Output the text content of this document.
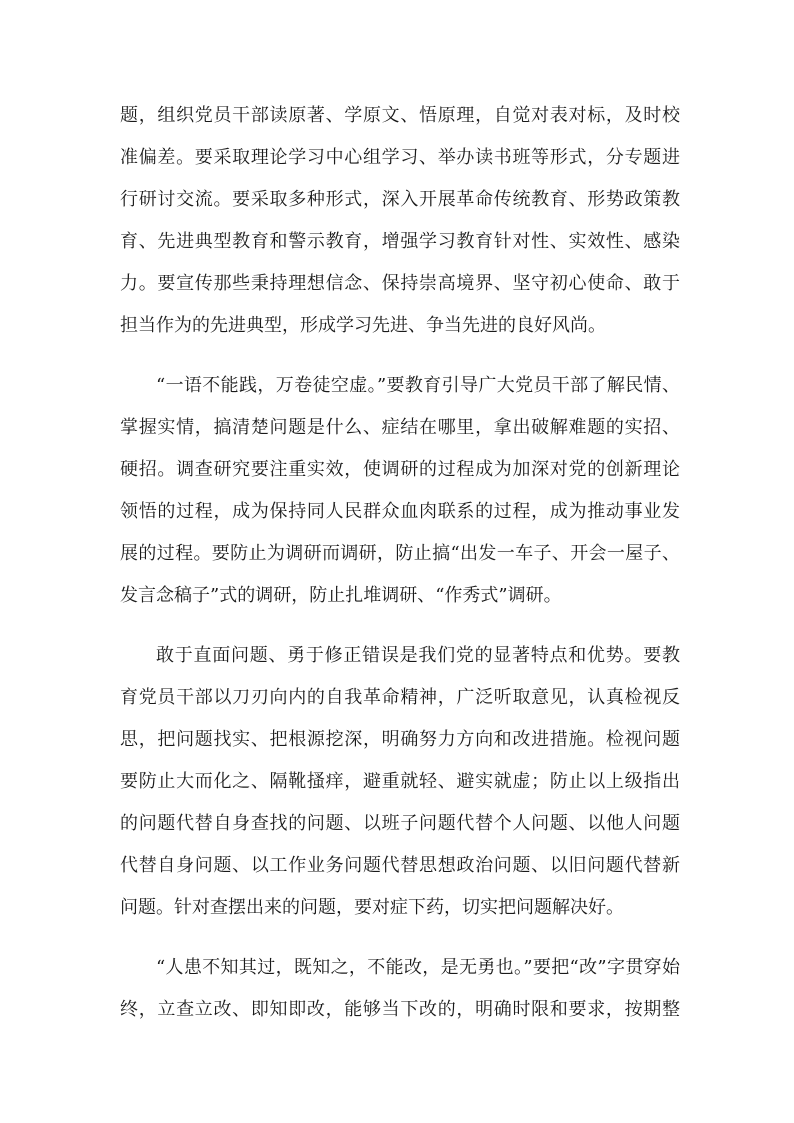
题，组织党员干部读原著、学原文、悟原理，自觉对表对标，及时校
准偏差。要采取理论学习中心组学习、举办读书班等形式，分专题进
行研讨交流。要采取多种形式，深入开展革命传统教育、形势政策教
育、先进典型教育和警示教育，增强学习教育针对性、实效性、感染
力。要宣传那些秉持理想信念、保持崇高境界、坚守初心使命、敢于
担当作为的先进典型，形成学习先进、争当先进的良好风尚。
“一语不能践，万卷徒空虚。”要教育引导广大党员干部了解民情、
掌握实情，搞清楚问题是什么、症结在哪里，拿出破解难题的实招、
硬招。调查研究要注重实效，使调研的过程成为加深对党的创新理论
领悟的过程，成为保持同人民群众血肉联系的过程，成为推动事业发
展的过程。要防止为调研而调研，防止搞“出发一车子、开会一屋子、
发言念稿子”式的调研，防止扎堆调研、“作秀式”调研。
敢于直面问题、勇于修正错误是我们党的显著特点和优势。要教
育党员干部以刀刃向内的自我革命精神，广泛听取意见，认真检视反
思，把问题找实、把根源挖深，明确努力方向和改进措施。检视问题
要防止大而化之、隔靴搔痒，避重就轻、避实就虚；防止以上级指出
的问题代替自身查找的问题、以班子问题代替个人问题、以他人问题
代替自身问题、以工作业务问题代替思想政治问题、以旧问题代替新
问题。针对查摆出来的问题，要对症下药，切实把问题解决好。
“人患不知其过，既知之，不能改，是无勇也。”要把“改”字贯穿始
终，立查立改、即知即改，能够当下改的，明确时限和要求，按期整
